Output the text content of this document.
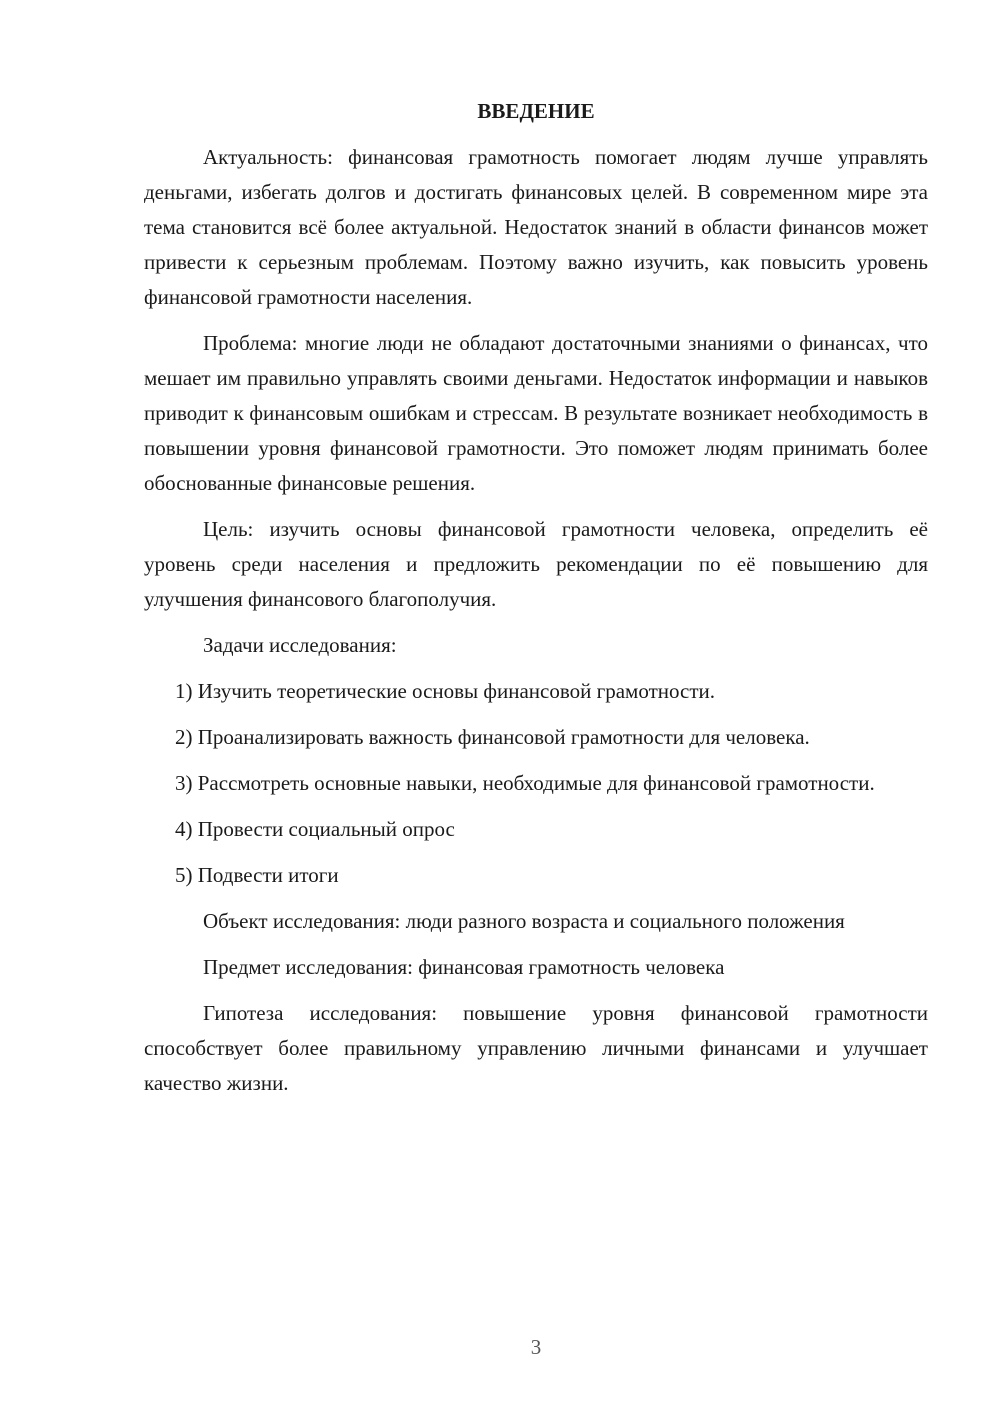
ВВЕДЕНИЕ

Актуальность: финансовая грамотность помогает людям лучше управлять деньгами, избегать долгов и достигать финансовых целей. В современном мире эта тема становится всё более актуальной. Недостаток знаний в области финансов может привести к серьезным проблемам. Поэтому важно изучить, как повысить уровень финансовой грамотности населения.

Проблема: многие люди не обладают достаточными знаниями о финансах, что мешает им правильно управлять своими деньгами. Недостаток информации и навыков приводит к финансовым ошибкам и стрессам. В результате возникает необходимость в повышении уровня финансовой грамотности. Это поможет людям принимать более обоснованные финансовые решения.

Цель: изучить основы финансовой грамотности человека, определить её уровень среди населения и предложить рекомендации по её повышению для улучшения финансового благополучия.

Задачи исследования:

1) Изучить теоретические основы финансовой грамотности.

2) Проанализировать важность финансовой грамотности для человека.

3) Рассмотреть основные навыки, необходимые для финансовой грамотности.

4) Провести социальный опрос

5) Подвести итоги

Объект исследования: люди разного возраста и социального положения

Предмет исследования: финансовая грамотность человека

Гипотеза исследования: повышение уровня финансовой грамотности способствует более правильному управлению личными финансами и улучшает качество жизни.

3
